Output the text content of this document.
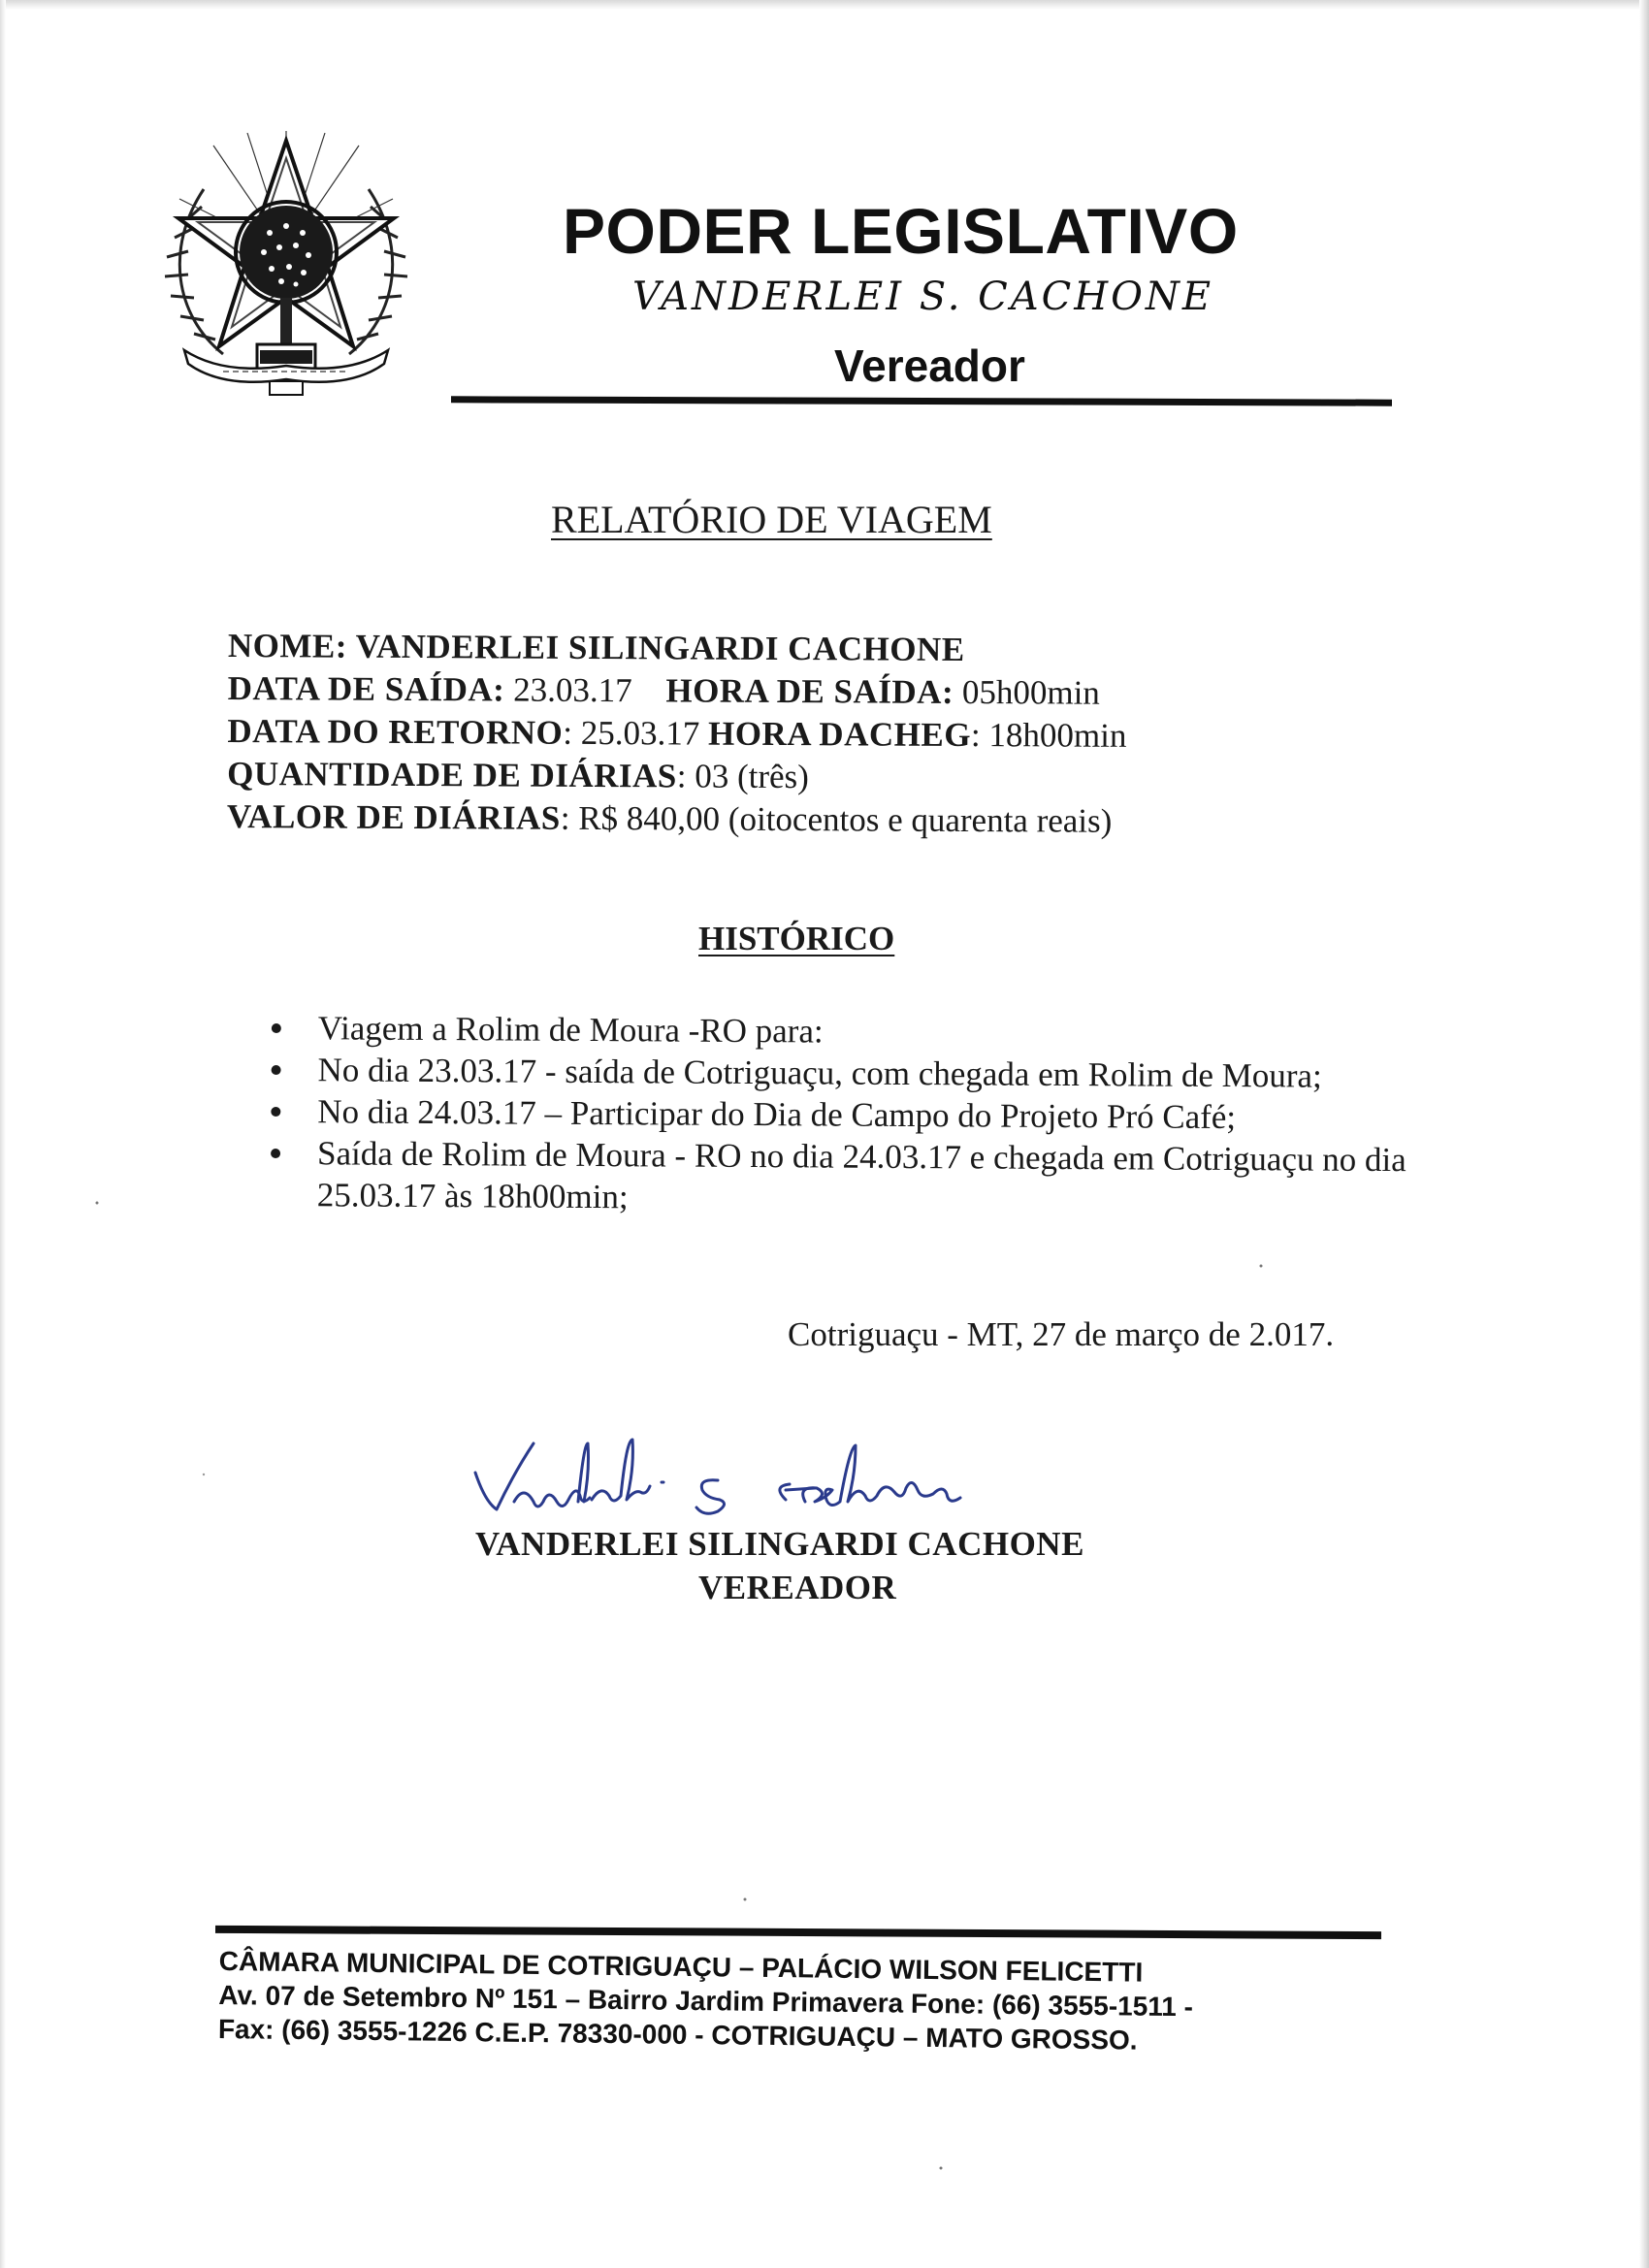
PODER LEGISLATIVO
VANDERLEI S. CACHONE
Vereador
RELATÓRIO DE VIAGEM
NOME: VANDERLEI SILINGARDI CACHONE
DATA DE SAÍDA: 23.03.17 HORA DE SAÍDA: 05h00min
DATA DO RETORNO: 25.03.17 HORA DACHEG: 18h00min
QUANTIDADE DE DIÁRIAS: 03 (três)
VALOR DE DIÁRIAS: R$ 840,00 (oitocentos e quarenta reais)
HISTÓRICO
Viagem a Rolim de Moura -RO para:
No dia 23.03.17 - saída de Cotriguaçu, com chegada em Rolim de Moura;
No dia 24.03.17 – Participar do Dia de Campo do Projeto Pró Café;
Saída de Rolim de Moura - RO no dia 24.03.17 e chegada em Cotriguaçu no dia 25.03.17 às 18h00min;
Cotriguaçu - MT, 27 de março de 2.017.
VANDERLEI SILINGARDI CACHONE
VEREADOR
CÂMARA MUNICIPAL DE COTRIGUAÇU – PALÁCIO WILSON FELICETTI
Av. 07 de Setembro Nº 151 – Bairro Jardim Primavera Fone: (66) 3555-1511 -
Fax: (66) 3555-1226 C.E.P. 78330-000 - COTRIGUAÇU – MATO GROSSO.
